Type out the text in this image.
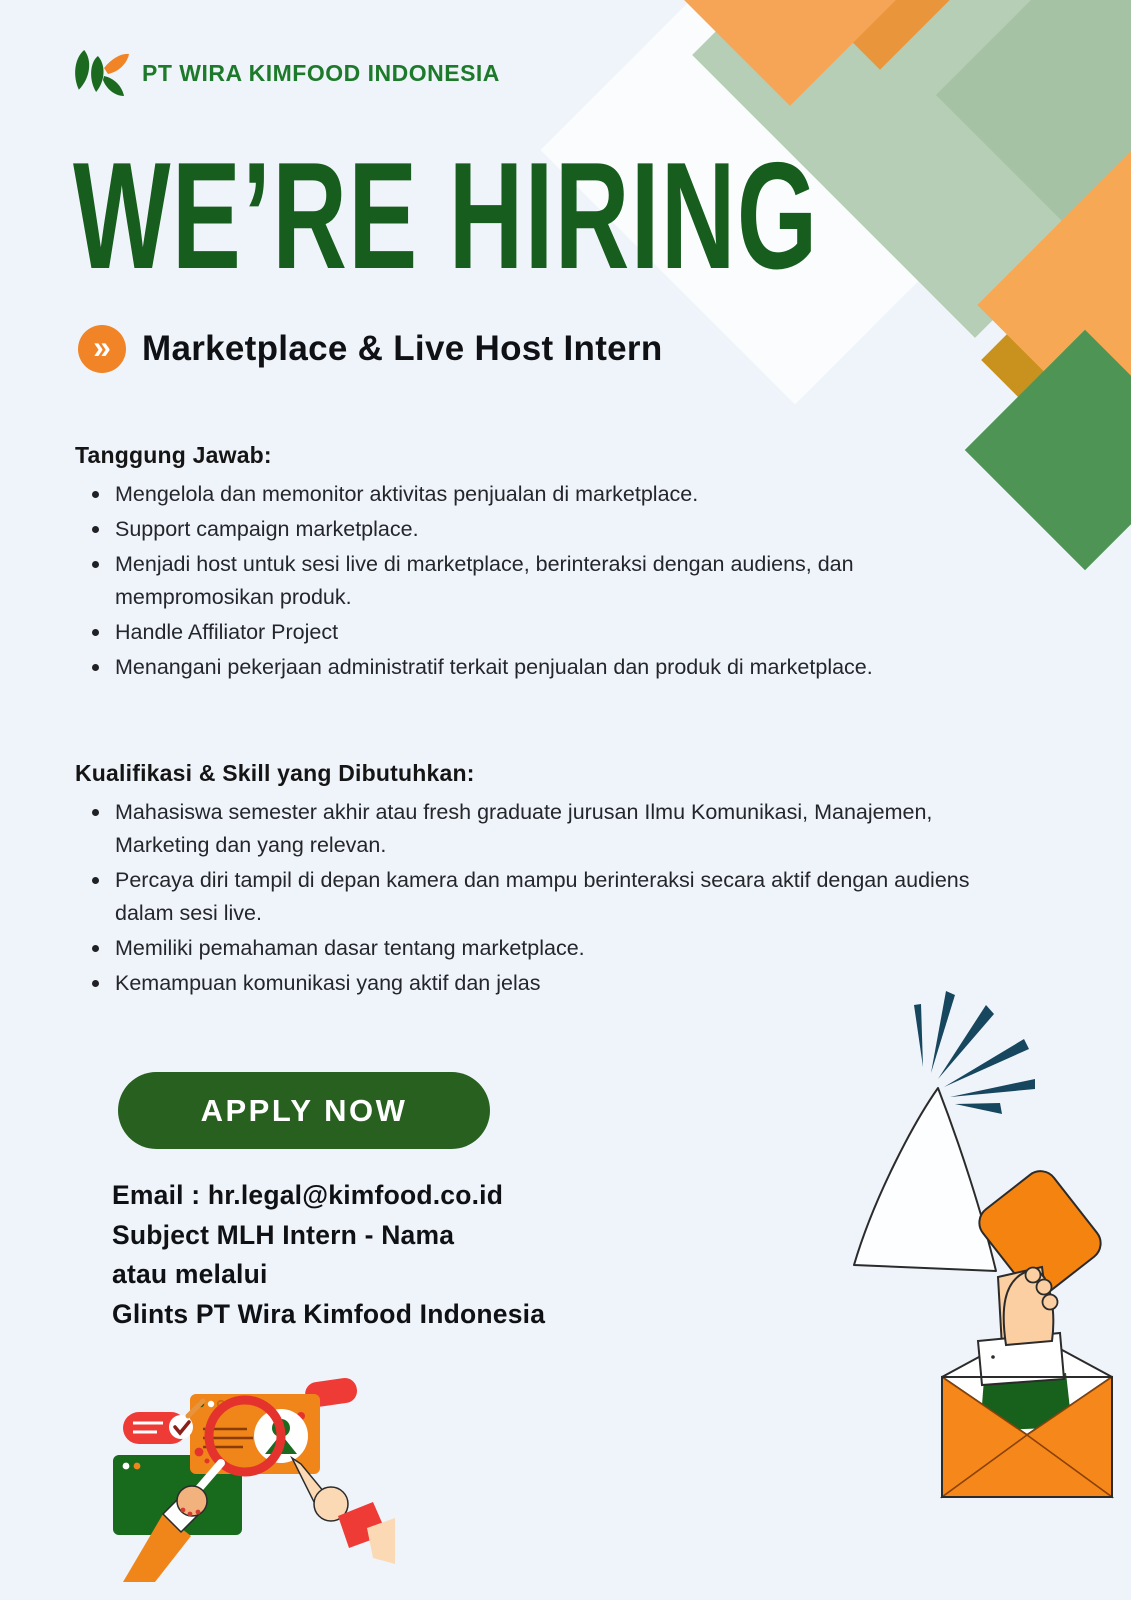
PT WIRA KIMFOOD INDONESIA
WE’RE HIRING
» Marketplace & Live Host Intern
Tanggung Jawab:
Mengelola dan memonitor aktivitas penjualan di marketplace.
Support campaign marketplace.
Menjadi host untuk sesi live di marketplace, berinteraksi dengan audiens, dan mempromosikan produk.
Handle Affiliator Project
Menangani pekerjaan administratif terkait penjualan dan produk di marketplace.
Kualifikasi & Skill yang Dibutuhkan:
Mahasiswa semester akhir atau fresh graduate jurusan Ilmu Komunikasi, Manajemen, Marketing dan yang relevan.
Percaya diri tampil di depan kamera dan mampu berinteraksi secara aktif dengan audiens dalam sesi live.
Memiliki pemahaman dasar tentang marketplace.
Kemampuan komunikasi yang aktif dan jelas
APPLY NOW
Email : hr.legal@kimfood.co.id
Subject MLH Intern - Nama
atau melalui
Glints PT Wira Kimfood Indonesia
